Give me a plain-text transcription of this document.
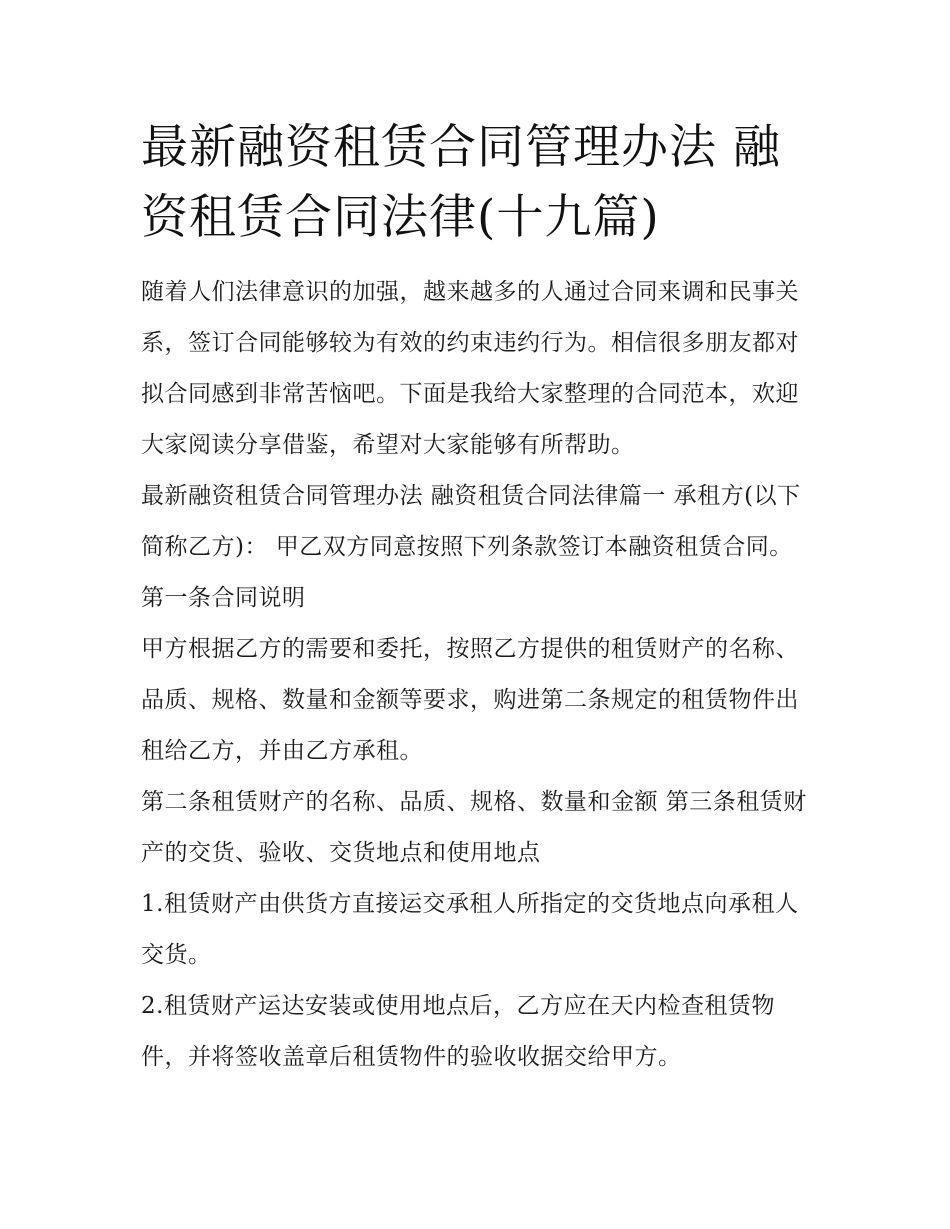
最新融资租赁合同管理办法 融资租赁合同法律(十九篇)

随着人们法律意识的加强，越来越多的人通过合同来调和民事关系，签订合同能够较为有效的约束违约行为。相信很多朋友都对拟合同感到非常苦恼吧。下面是我给大家整理的合同范本，欢迎大家阅读分享借鉴，希望对大家能够有所帮助。

最新融资租赁合同管理办法 融资租赁合同法律篇一 承租方(以下简称乙方)： 甲乙双方同意按照下列条款签订本融资租赁合同。 第一条合同说明

甲方根据乙方的需要和委托，按照乙方提供的租赁财产的名称、品质、规格、数量和金额等要求，购进第二条规定的租赁物件出租给乙方，并由乙方承租。

第二条租赁财产的名称、品质、规格、数量和金额 第三条租赁财产的交货、验收、交货地点和使用地点

1.租赁财产由供货方直接运交承租人所指定的交货地点向承租人交货。

2.租赁财产运达安装或使用地点后，乙方应在天内检查租赁物件，并将签收盖章后租赁物件的验收收据交给甲方。
